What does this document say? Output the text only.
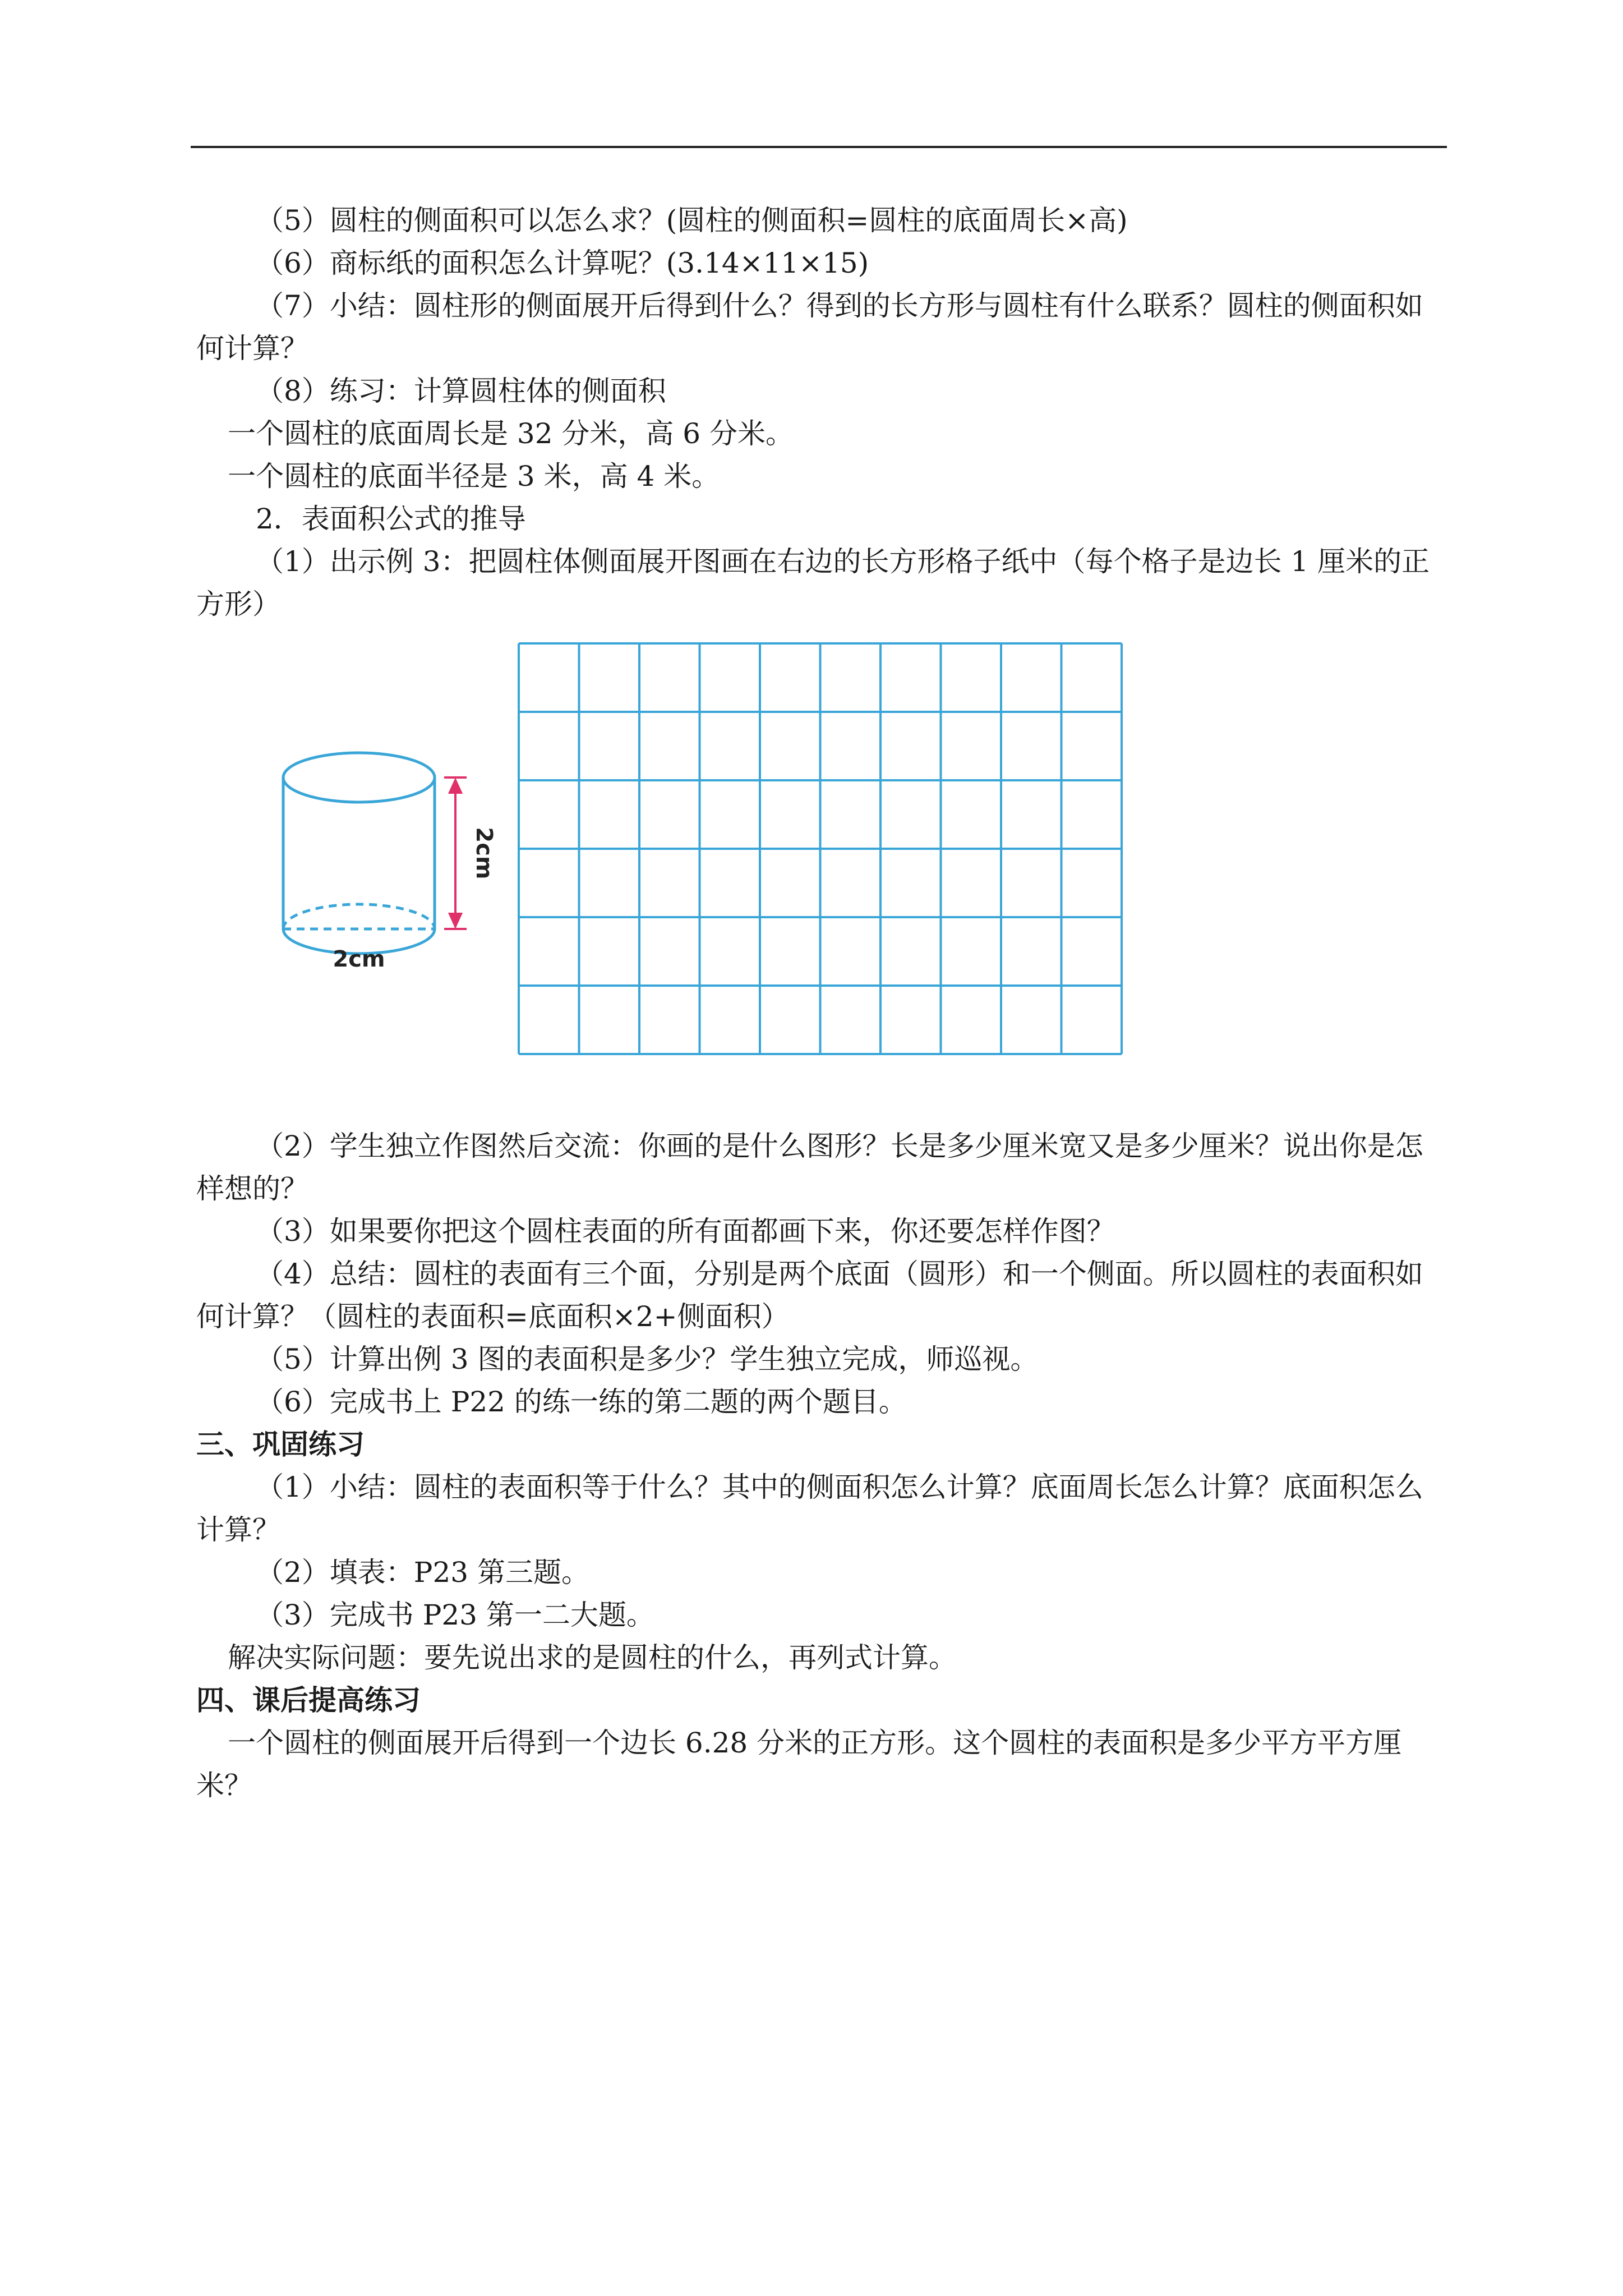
（5）圆柱的侧面积可以怎么求？(圆柱的侧面积=圆柱的底面周长×高)

（6）商标纸的面积怎么计算呢？(3.14×11×15)

（7）小结：圆柱形的侧面展开后得到什么？得到的长方形与圆柱有什么联系？圆柱的侧面积如何计算？

（8）练习：计算圆柱体的侧面积

一个圆柱的底面周长是 32 分米，高 6 分米。

一个圆柱的底面半径是 3 米，高 4 米。

2．表面积公式的推导

（1）出示例 3：把圆柱体侧面展开图画在右边的长方形格子纸中（每个格子是边长 1 厘米的正方形）

2cm
2cm

（2）学生独立作图然后交流：你画的是什么图形？长是多少厘米宽又是多少厘米？说出你是怎样想的？

（3）如果要你把这个圆柱表面的所有面都画下来，你还要怎样作图？

（4）总结：圆柱的表面有三个面，分别是两个底面（圆形）和一个侧面。所以圆柱的表面积如何计算？（圆柱的表面积=底面积×2+侧面积）

（5）计算出例 3 图的表面积是多少？学生独立完成，师巡视。

（6）完成书上 P22 的练一练的第二题的两个题目。

三、巩固练习

（1）小结：圆柱的表面积等于什么？其中的侧面积怎么计算？底面周长怎么计算？底面积怎么计算？

（2）填表：P23 第三题。

（3）完成书 P23 第一二大题。

解决实际问题：要先说出求的是圆柱的什么，再列式计算。

四、课后提高练习

一个圆柱的侧面展开后得到一个边长 6.28 分米的正方形。这个圆柱的表面积是多少平方平方厘米？
